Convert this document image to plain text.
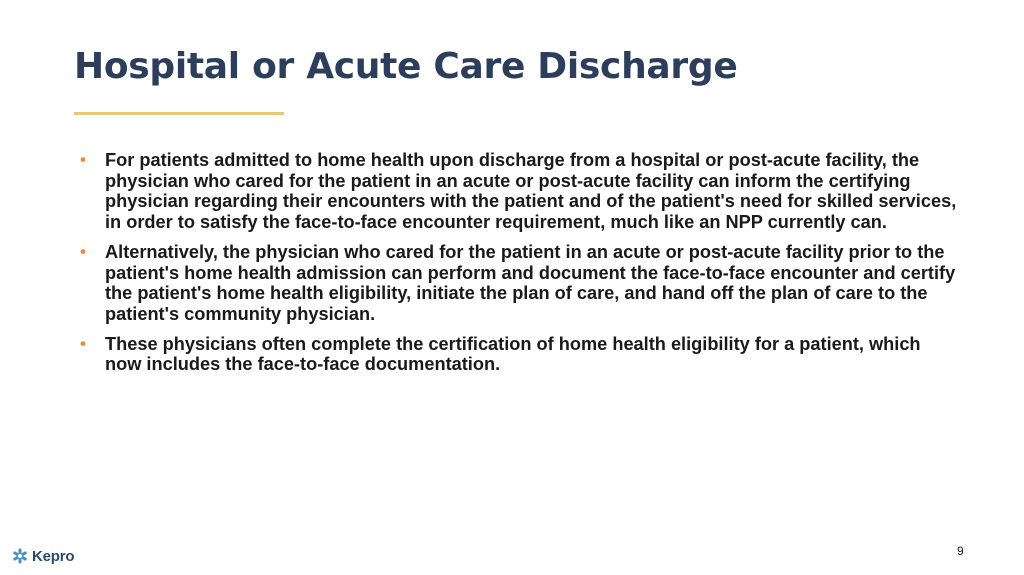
Hospital or Acute Care Discharge
• For patients admitted to home health upon discharge from a hospital or post-acute facility, the physician who cared for the patient in an acute or post-acute facility can inform the certifying physician regarding their encounters with the patient and of the patient's need for skilled services, in order to satisfy the face-to-face encounter requirement, much like an NPP currently can.
• Alternatively, the physician who cared for the patient in an acute or post-acute facility prior to the patient's home health admission can perform and document the face-to-face encounter and certify the patient's home health eligibility, initiate the plan of care, and hand off the plan of care to the patient's community physician.
• These physicians often complete the certification of home health eligibility for a patient, which now includes the face-to-face documentation.
Kepro	9
